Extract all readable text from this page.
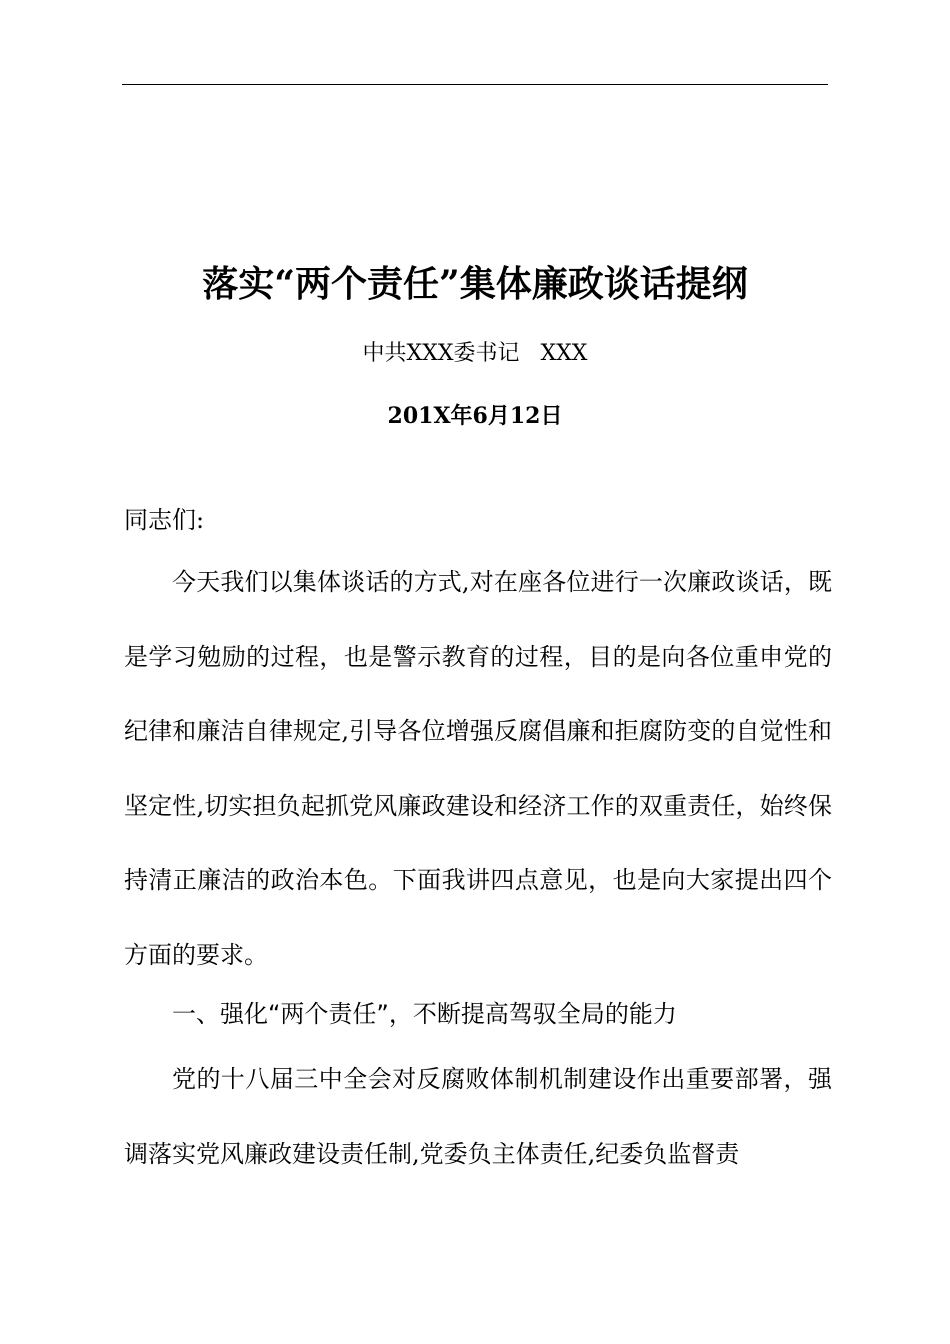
落实“两个责任”集体廉政谈话提纲
中共XXX委书记   XXX
201X年6月12日
同志们:

今天我们以集体谈话的方式,对在座各位进行一次廉政谈话，既是学习勉励的过程，也是警示教育的过程，目的是向各位重申党的纪律和廉洁自律规定,引导各位增强反腐倡廉和拒腐防变的自觉性和坚定性,切实担负起抓党风廉政建设和经济工作的双重责任，始终保持清正廉洁的政治本色。下面我讲四点意见，也是向大家提出四个方面的要求。

一、强化“两个责任”，不断提高驾驭全局的能力

党的十八届三中全会对反腐败体制机制建设作出重要部署，强调落实党风廉政建设责任制,党委负主体责任,纪委负监督责
